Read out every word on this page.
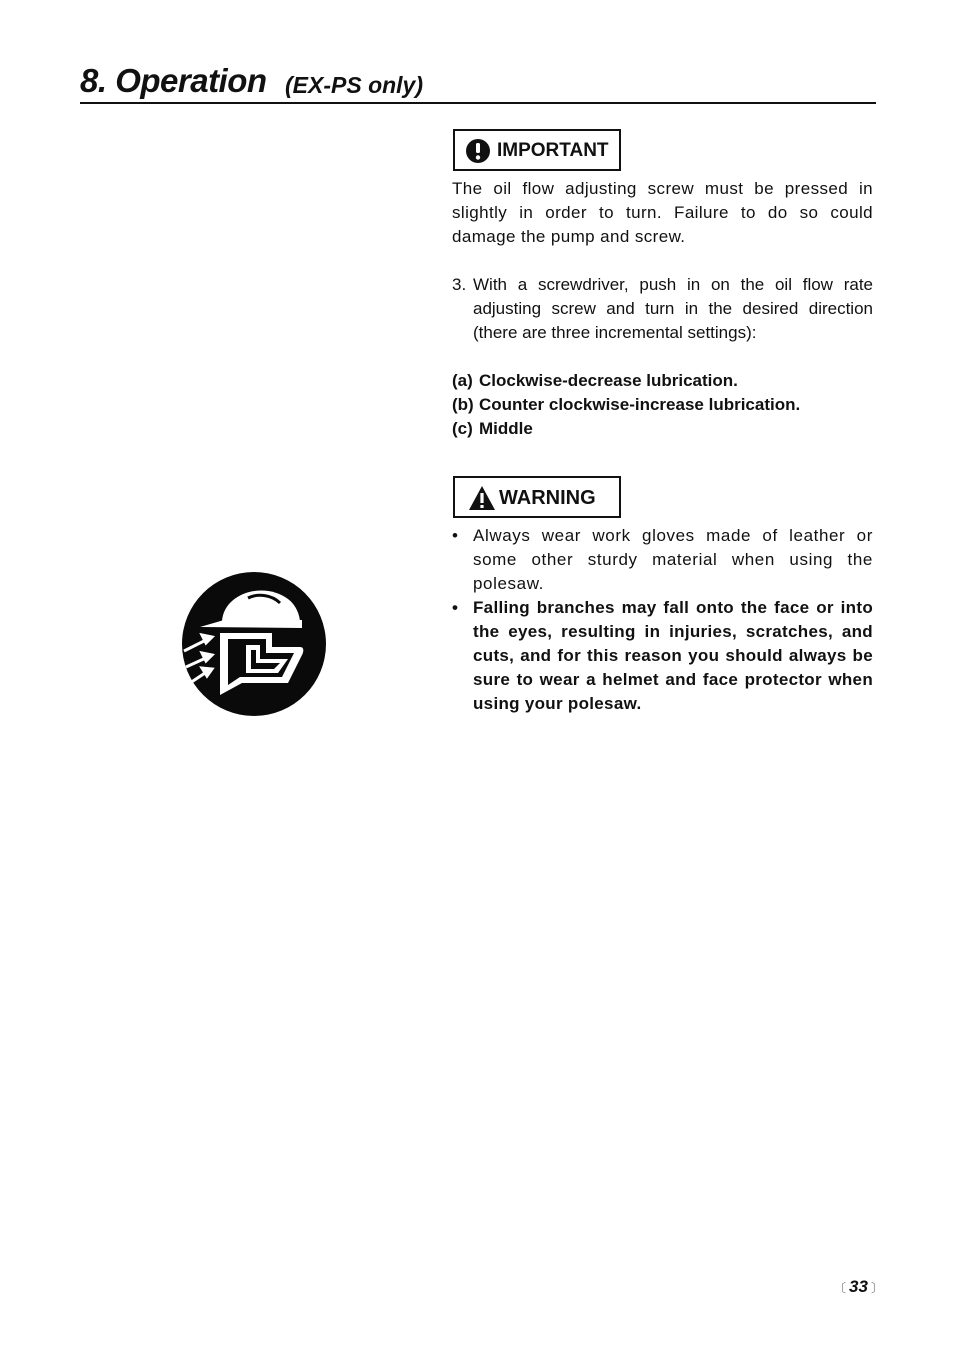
8. Operation (EX-PS only)
IMPORTANT
The oil flow adjusting screw must be pressed in slightly in order to turn. Failure to do so could damage the pump and screw.
3. With a screwdriver, push in on the oil flow rate adjusting screw and turn in the desired direction (there are three incremental settings):
(a) Clockwise-decrease lubrication.
(b) Counter clockwise-increase lubrication.
(c) Middle
WARNING
• Always wear work gloves made of leather or some other sturdy material when using the polesaw.
• Falling branches may fall onto the face or into the eyes, resulting in injuries, scratches, and cuts, and for this reason you should always be sure to wear a helmet and face protector when using your polesaw.
〔 33 〕
